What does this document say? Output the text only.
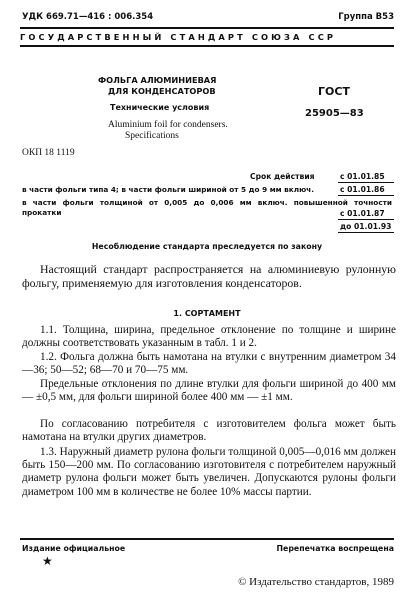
УДК 669.71—416 : 006.354	Группа В53
ГОСУДАРСТВЕННЫЙ СТАНДАРТ СОЮЗА ССР
ФОЛЬГА АЛЮМИНИЕВАЯ
ДЛЯ КОНДЕНСАТОРОВ
Технические условия
Aluminium foil for condensers.
Specifications
ГОСТ
25905—83
ОКП 18 1119
Срок действия	с 01.01.85
в части фольги типа 4; в части фольги шириной от 5 до 9 мм включ.	с 01.01.86
в части фольги толщиной от 0,005 до 0,006 мм включ. повышенной точности прокатки	с 01.01.87
до 01.01.93
Несоблюдение стандарта преследуется по закону
Настоящий стандарт распространяется на алюминиевую рулонную фольгу, применяемую для изготовления конденсаторов.
1. СОРТАМЕНТ
1.1. Толщина, ширина, предельное отклонение по толщине и ширине должны соответствовать указанным в табл. 1 и 2.
1.2. Фольга должна быть намотана на втулки с внутренним диаметром 34—36; 50—52; 68—70 и 70—75 мм.
Предельные отклонения по длине втулки для фольги шириной до 400 мм — ±0,5 мм, для фольги шириной более 400 мм — ±1 мм.
По согласованию потребителя с изготовителем фольга может быть намотана на втулки других диаметров.
1.3. Наружный диаметр рулона фольги толщиной 0,005—0,016 мм должен быть 150—200 мм. По согласованию изготовителя с потребителем наружный диаметр рулона фольги может быть увеличен. Допускаются рулоны фольги диаметром 100 мм в количестве не более 10% массы партии.
Издание официальное
★
Перепечатка воспрещена
© Издательство стандартов, 1989
